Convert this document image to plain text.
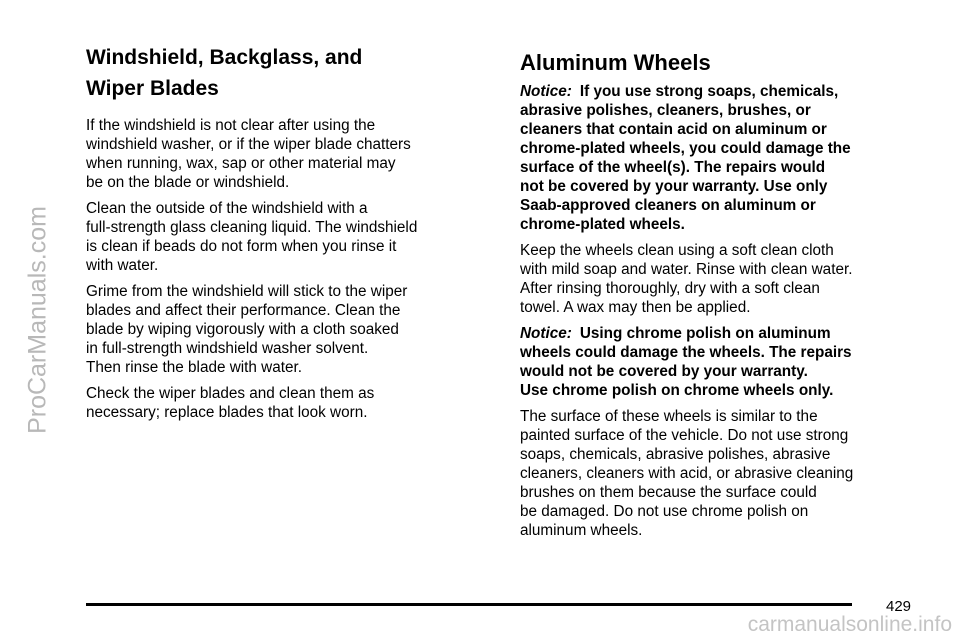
ProCarManuals.com
Windshield, Backglass, and
Wiper Blades

If the windshield is not clear after using the
windshield washer, or if the wiper blade chatters
when running, wax, sap or other material may
be on the blade or windshield.

Clean the outside of the windshield with a
full-strength glass cleaning liquid. The windshield
is clean if beads do not form when you rinse it
with water.

Grime from the windshield will stick to the wiper
blades and affect their performance. Clean the
blade by wiping vigorously with a cloth soaked
in full-strength windshield washer solvent.
Then rinse the blade with water.

Check the wiper blades and clean them as
necessary; replace blades that look worn.

Aluminum Wheels

Notice: If you use strong soaps, chemicals,
abrasive polishes, cleaners, brushes, or
cleaners that contain acid on aluminum or
chrome-plated wheels, you could damage the
surface of the wheel(s). The repairs would
not be covered by your warranty. Use only
Saab-approved cleaners on aluminum or
chrome-plated wheels.

Keep the wheels clean using a soft clean cloth
with mild soap and water. Rinse with clean water.
After rinsing thoroughly, dry with a soft clean
towel. A wax may then be applied.

Notice: Using chrome polish on aluminum
wheels could damage the wheels. The repairs
would not be covered by your warranty.
Use chrome polish on chrome wheels only.

The surface of these wheels is similar to the
painted surface of the vehicle. Do not use strong
soaps, chemicals, abrasive polishes, abrasive
cleaners, cleaners with acid, or abrasive cleaning
brushes on them because the surface could
be damaged. Do not use chrome polish on
aluminum wheels.

429
carmanualsonline.info
